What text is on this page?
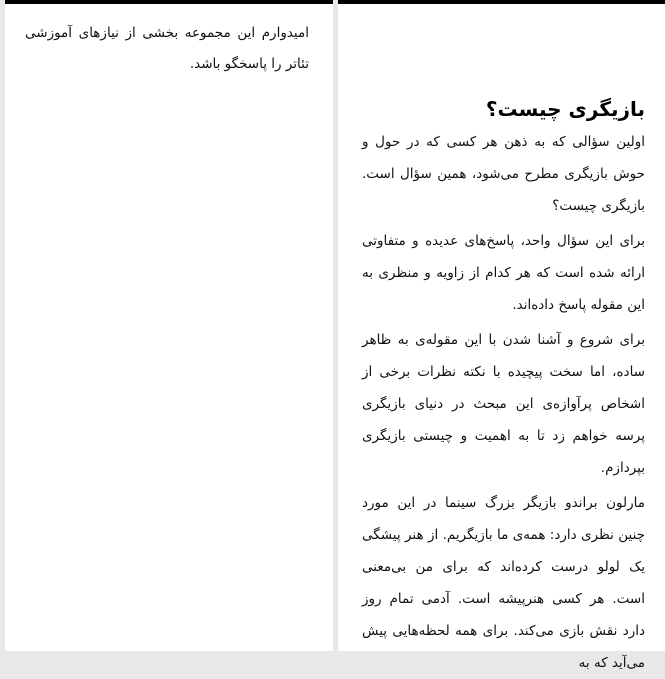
امیدوارم این مجموعه بخشی از نیازهای آموزشی تئاتر را پاسخگو باشد.

بازیگری چیست؟

اولین سؤالی که به ذهن هر کسی که در حول و حوش بازیگری مطرح می‌شود، همین سؤال است. بازیگری چیست؟

برای این سؤال واحد، پاسخ‌های عدیده و متفاوتی ارائه شده است که هر کدام از زاویه و منظری به این مقوله پاسخ داده‌اند.

برای شروع و آشنا شدن با این مقوله‌ی به ظاهر ساده، اما سخت پیچیده با نکته نظرات برخی از اشخاص پرآوازه‌ی این مبحث در دنیای بازیگری پرسه خواهم زد تا به اهمیت و چیستی بازیگری بپردازم.

مارلون براندو بازیگر بزرگ سینما در این مورد چنین نظری دارد: همه‌ی ما بازیگریم. از هنر پیشگی یک لولو درست کرده‌اند که برای من بی‌معنی است. هر کسی هنرپیشه است. آدمی تمام روز دارد نقش بازی می‌کند. برای همه لحظه‌هایی پیش می‌آید که به
